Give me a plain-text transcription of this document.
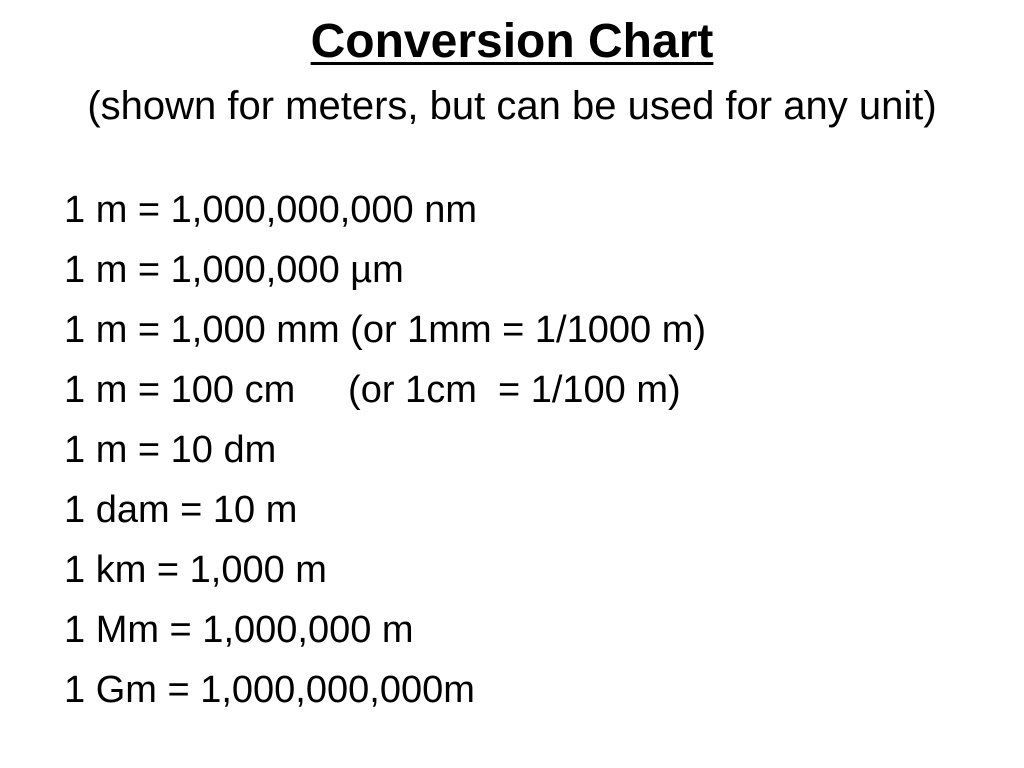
Conversion Chart
(shown for meters, but can be used for any unit)
1 m = 1,000,000,000 nm
1 m = 1,000,000 µm
1 m = 1,000 mm (or 1mm = 1/1000 m)
1 m = 100 cm     (or 1cm  = 1/100 m)
1 m = 10 dm
1 dam = 10 m
1 km = 1,000 m
1 Mm = 1,000,000 m
1 Gm = 1,000,000,000m
